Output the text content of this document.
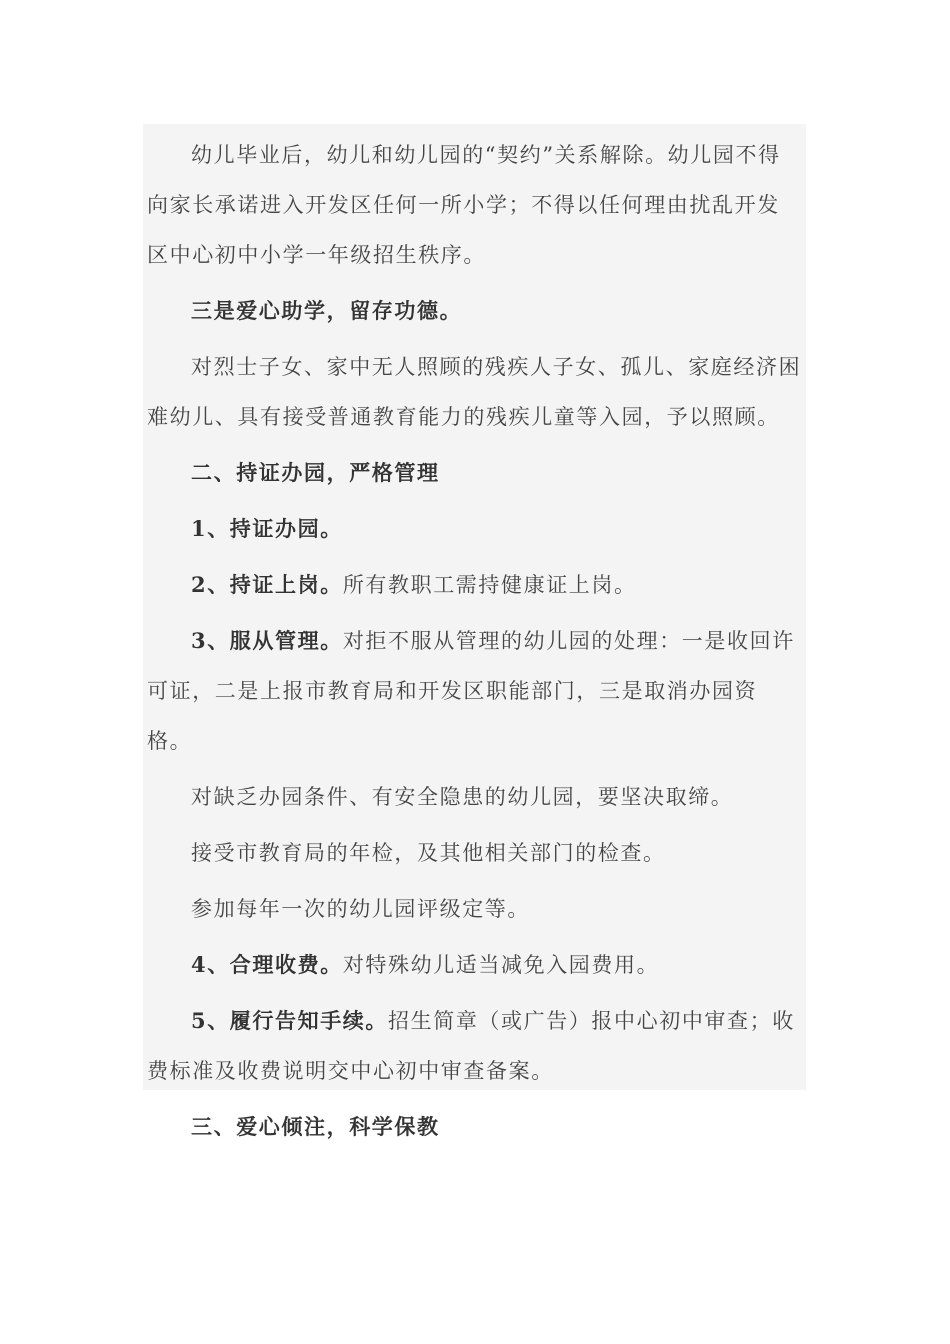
幼儿毕业后，幼儿和幼儿园的“契约”关系解除。幼儿园不得向家长承诺进入开发区任何一所小学；不得以任何理由扰乱开发区中心初中小学一年级招生秩序。

三是爱心助学，留存功德。

对烈士子女、家中无人照顾的残疾人子女、孤儿、家庭经济困难幼儿、具有接受普通教育能力的残疾儿童等入园，予以照顾。

二、持证办园，严格管理

1、持证办园。

2、持证上岗。所有教职工需持健康证上岗。

3、服从管理。对拒不服从管理的幼儿园的处理：一是收回许可证，二是上报市教育局和开发区职能部门，三是取消办园资格。

对缺乏办园条件、有安全隐患的幼儿园，要坚决取缔。

接受市教育局的年检，及其他相关部门的检查。

参加每年一次的幼儿园评级定等。

4、合理收费。对特殊幼儿适当减免入园费用。

5、履行告知手续。招生简章（或广告）报中心初中审查；收费标准及收费说明交中心初中审查备案。

三、爱心倾注，科学保教
